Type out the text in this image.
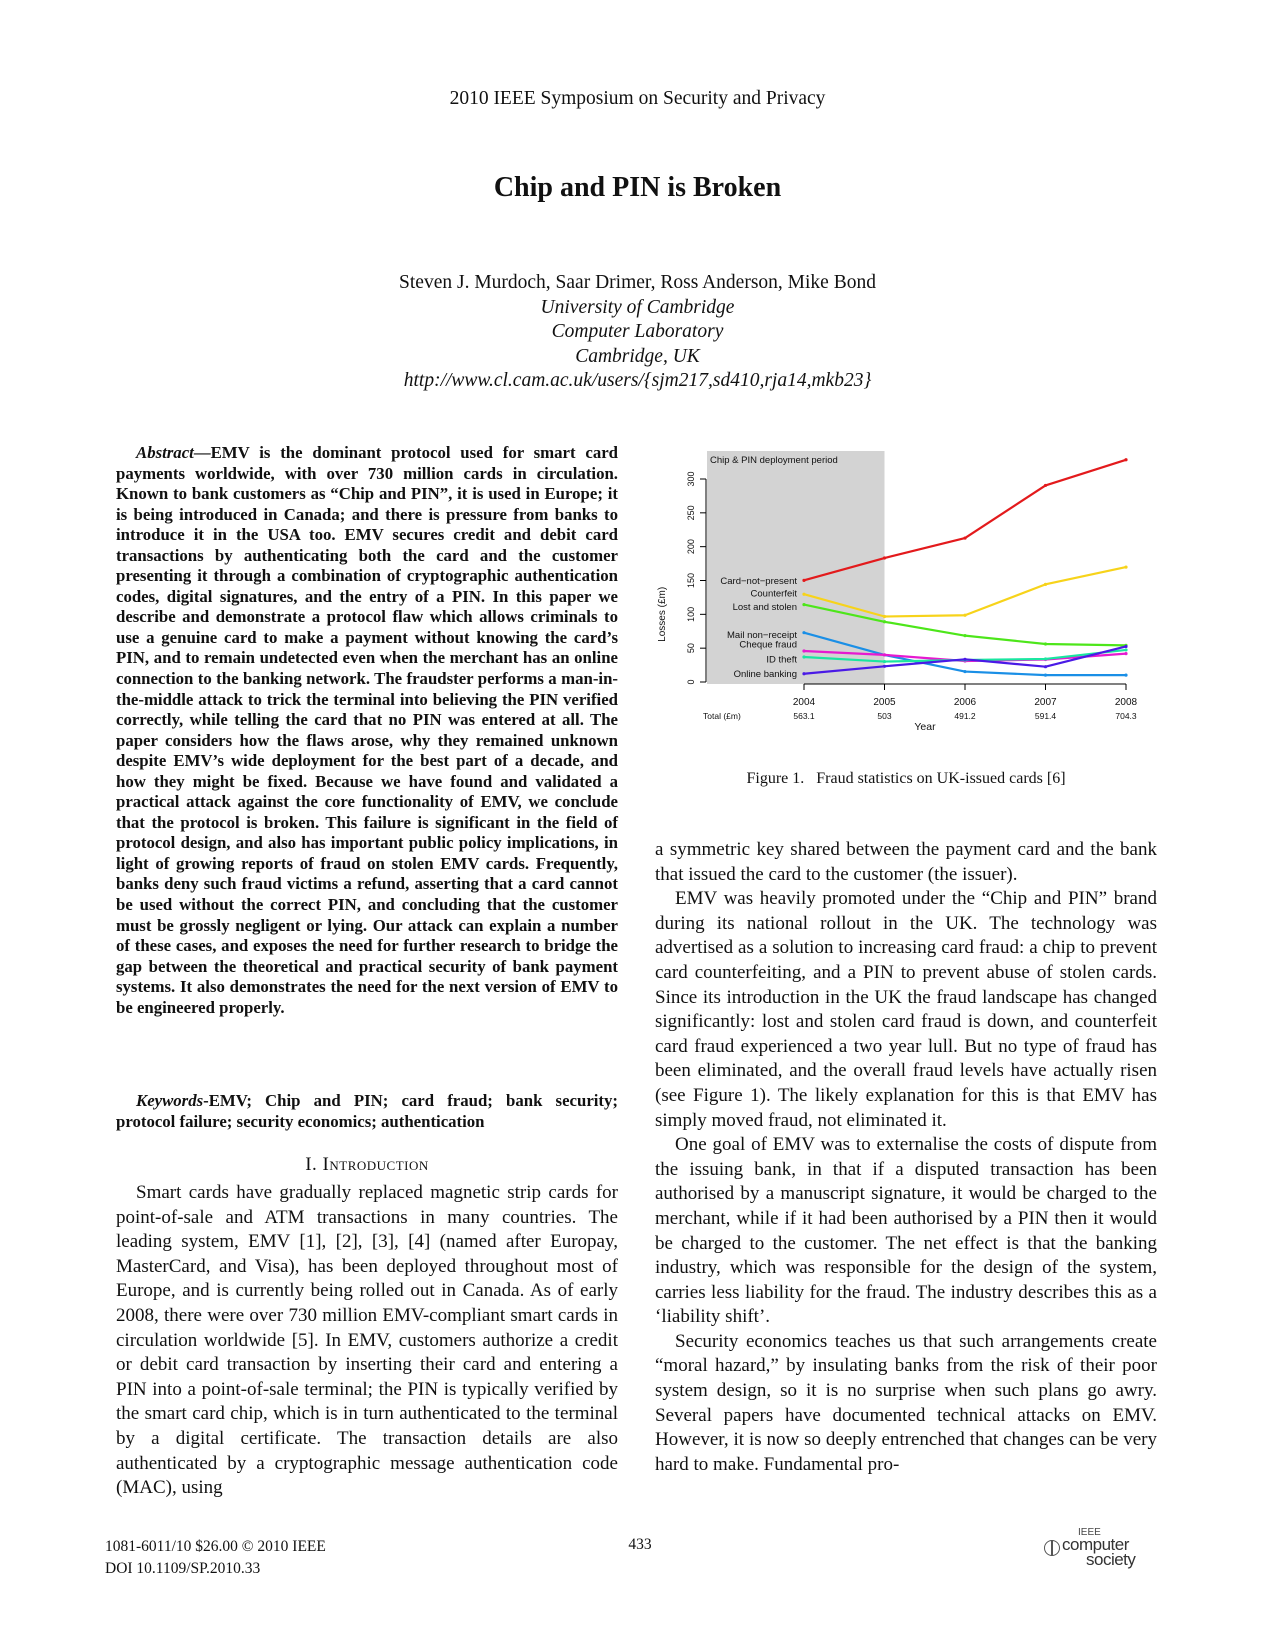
2010 IEEE Symposium on Security and Privacy
Chip and PIN is Broken
Steven J. Murdoch, Saar Drimer, Ross Anderson, Mike Bond
University of Cambridge
Computer Laboratory
Cambridge, UK
http://www.cl.cam.ac.uk/users/{sjm217,sd410,rja14,mkb23}
Abstract—EMV is the dominant protocol used for smart card payments worldwide, with over 730 million cards in circulation. Known to bank customers as “Chip and PIN”, it is used in Europe; it is being introduced in Canada; and there is pressure from banks to introduce it in the USA too. EMV secures credit and debit card transactions by authenticating both the card and the customer presenting it through a combination of cryptographic authentication codes, digital signatures, and the entry of a PIN. In this paper we describe and demonstrate a protocol flaw which allows criminals to use a genuine card to make a payment without knowing the card’s PIN, and to remain undetected even when the merchant has an online connection to the banking network. The fraudster performs a man-in-the-middle attack to trick the terminal into believing the PIN verified correctly, while telling the card that no PIN was entered at all. The paper considers how the flaws arose, why they remained unknown despite EMV’s wide deployment for the best part of a decade, and how they might be fixed. Because we have found and validated a practical attack against the core functionality of EMV, we conclude that the protocol is broken. This failure is significant in the field of protocol design, and also has important public policy implications, in light of growing reports of fraud on stolen EMV cards. Frequently, banks deny such fraud victims a refund, asserting that a card cannot be used without the correct PIN, and concluding that the customer must be grossly negligent or lying. Our attack can explain a number of these cases, and exposes the need for further research to bridge the gap between the theoretical and practical security of bank payment systems. It also demonstrates the need for the next version of EMV to be engineered properly.
Keywords-EMV; Chip and PIN; card fraud; bank security; protocol failure; security economics; authentication
I. Introduction

Smart cards have gradually replaced magnetic strip cards for point-of-sale and ATM transactions in many countries. The leading system, EMV [1], [2], [3], [4] (named after Europay, MasterCard, and Visa), has been deployed throughout most of Europe, and is currently being rolled out in Canada. As of early 2008, there were over 730 million EMV-compliant smart cards in circulation worldwide [5]. In EMV, customers authorize a credit or debit card transaction by inserting their card and entering a PIN into a point-of-sale terminal; the PIN is typically verified by the smart card chip, which is in turn authenticated to the terminal by a digital certificate. The transaction details are also authenticated by a cryptographic message authentication code (MAC), using

Chip & PIN deployment period
0
50
100
150
200
250
300
2004
563.1
2005
503
2006
491.2
2007
591.4
2008
704.3
Card−not−present
Counterfeit
Lost and stolen
Mail non−receipt
Cheque fraud
ID theft
Online banking
Losses (£m)
Year
Total (£m)
Figure 1.   Fraud statistics on UK-issued cards [6]

a symmetric key shared between the payment card and the bank that issued the card to the customer (the issuer).

EMV was heavily promoted under the “Chip and PIN” brand during its national rollout in the UK. The technology was advertised as a solution to increasing card fraud: a chip to prevent card counterfeiting, and a PIN to prevent abuse of stolen cards. Since its introduction in the UK the fraud landscape has changed significantly: lost and stolen card fraud is down, and counterfeit card fraud experienced a two year lull. But no type of fraud has been eliminated, and the overall fraud levels have actually risen (see Figure 1). The likely explanation for this is that EMV has simply moved fraud, not eliminated it.

One goal of EMV was to externalise the costs of dispute from the issuing bank, in that if a disputed transaction has been authorised by a manuscript signature, it would be charged to the merchant, while if it had been authorised by a PIN then it would be charged to the customer. The net effect is that the banking industry, which was responsible for the design of the system, carries less liability for the fraud. The industry describes this as a ‘liability shift’.

Security economics teaches us that such arrangements create “moral hazard,” by insulating banks from the risk of their poor system design, so it is no surprise when such plans go awry. Several papers have documented technical attacks on EMV. However, it is now so deeply entrenched that changes can be very hard to make. Fundamental pro-

1081-6011/10 $26.00 © 2010 IEEE
DOI 10.1109/SP.2010.33
433
IEEE
computer
society
